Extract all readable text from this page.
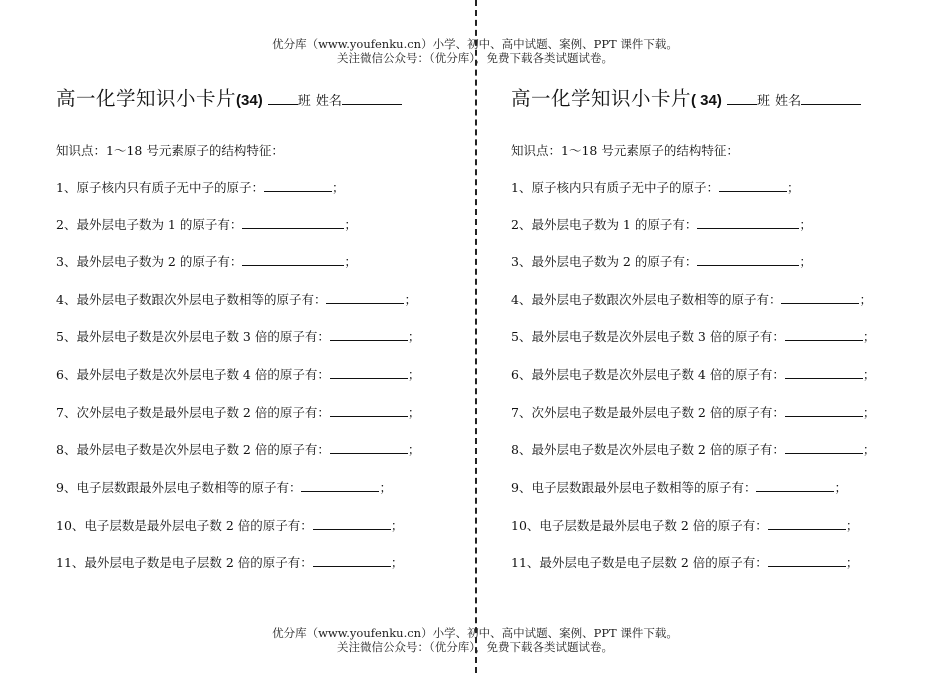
优分库（www.youfenku.cn）小学、初中、高中试题、案例、PPT 课件下载。
关注微信公众号：（优分库），免费下载各类试题试卷。
高一化学知识小卡片(34)	班 姓名
知识点：1～18 号元素原子的结构特征：
1、原子核内只有质子无中子的原子：	；
2、最外层电子数为 1 的原子有：	；
3、最外层电子数为 2 的原子有：	；
4、最外层电子数跟次外层电子数相等的原子有：	；
5、最外层电子数是次外层电子数 3 倍的原子有：	；
6、最外层电子数是次外层电子数 4 倍的原子有：	；
7、次外层电子数是最外层电子数 2 倍的原子有：	；
8、最外层电子数是次外层电子数 2 倍的原子有：	；
9、电子层数跟最外层电子数相等的原子有：	；
10、电子层数是最外层电子数 2 倍的原子有：	；
11、最外层电子数是电子层数 2 倍的原子有：	；
高一化学知识小卡片( 34)	班 姓名
知识点：1～18 号元素原子的结构特征：
1、原子核内只有质子无中子的原子：	；
2、最外层电子数为 1 的原子有：	；
3、最外层电子数为 2 的原子有：	；
4、最外层电子数跟次外层电子数相等的原子有：	；
5、最外层电子数是次外层电子数 3 倍的原子有：	；
6、最外层电子数是次外层电子数 4 倍的原子有：	；
7、次外层电子数是最外层电子数 2 倍的原子有：	；
8、最外层电子数是次外层电子数 2 倍的原子有：	；
9、电子层数跟最外层电子数相等的原子有：	；
10、电子层数是最外层电子数 2 倍的原子有：	；
11、最外层电子数是电子层数 2 倍的原子有：	；
优分库（www.youfenku.cn）小学、初中、高中试题、案例、PPT 课件下载。
关注微信公众号：（优分库），免费下载各类试题试卷。
